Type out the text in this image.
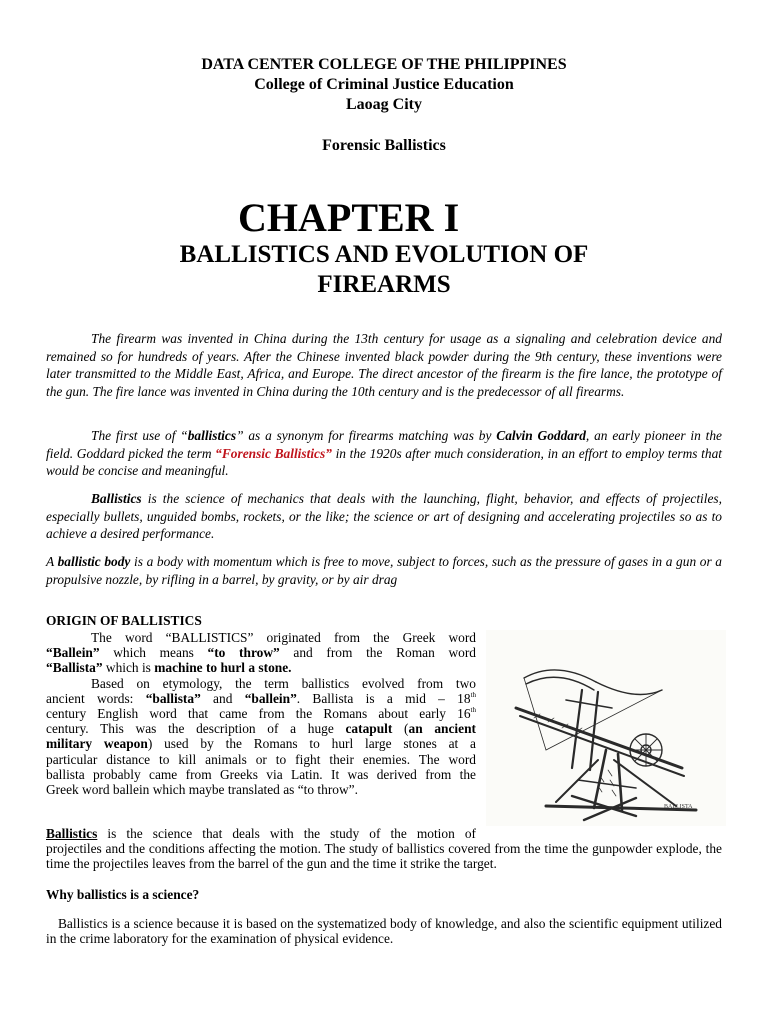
DATA CENTER COLLEGE OF THE PHILIPPINES
College of Criminal Justice Education
Laoag City
Forensic Ballistics
CHAPTER I
BALLISTICS AND EVOLUTION OF
FIREARMS
The firearm was invented in China during the 13th century for usage as a signaling and celebration device and remained so for hundreds of years. After the Chinese invented black powder during the 9th century, these inventions were later transmitted to the Middle East, Africa, and Europe. The direct ancestor of the firearm is the fire lance, the prototype of the gun. The fire lance was invented in China during the 10th century and is the predecessor of all firearms.
The first use of “ballistics” as a synonym for firearms matching was by Calvin Goddard, an early pioneer in the field. Goddard picked the term “Forensic Ballistics” in the 1920s after much consideration, in an effort to employ terms that would be concise and meaningful.
Ballistics is the science of mechanics that deals with the launching, flight, behavior, and effects of projectiles, especially bullets, unguided bombs, rockets, or the like; the science or art of designing and accelerating projectiles so as to achieve a desired performance.
A ballistic body is a body with momentum which is free to move, subject to forces, such as the pressure of gases in a gun or a propulsive nozzle, by rifling in a barrel, by gravity, or by air drag
ORIGIN OF BALLISTICS
The word “BALLISTICS” originated from the Greek word
“Ballein” which means “to throw” and from the Roman word
“Ballista” which is machine to hurl a stone.
Based on etymology, the term ballistics evolved from two
ancient words: “ballista” and “ballein”. Ballista is a mid – 18th
century English word that came from the Romans about early 16th
century. This was the description of a huge catapult (an ancient
military weapon) used by the Romans to hurl large stones at a
particular distance to kill animals or to fight their enemies. The word
ballista probably came from Greeks via Latin. It was derived from the
Greek word ballein which maybe translated as “to throw”.
BALLISTA
Ballistics is the science that deals with the study of the motion of
projectiles and the conditions affecting the motion. The study of ballistics covered from the time the gunpowder explode, the time the projectiles leaves from the barrel of the gun and the time it strike the target.
Why ballistics is a science?
Ballistics is a science because it is based on the systematized body of knowledge, and also the scientific equipment utilized in the crime laboratory for the examination of physical evidence.
